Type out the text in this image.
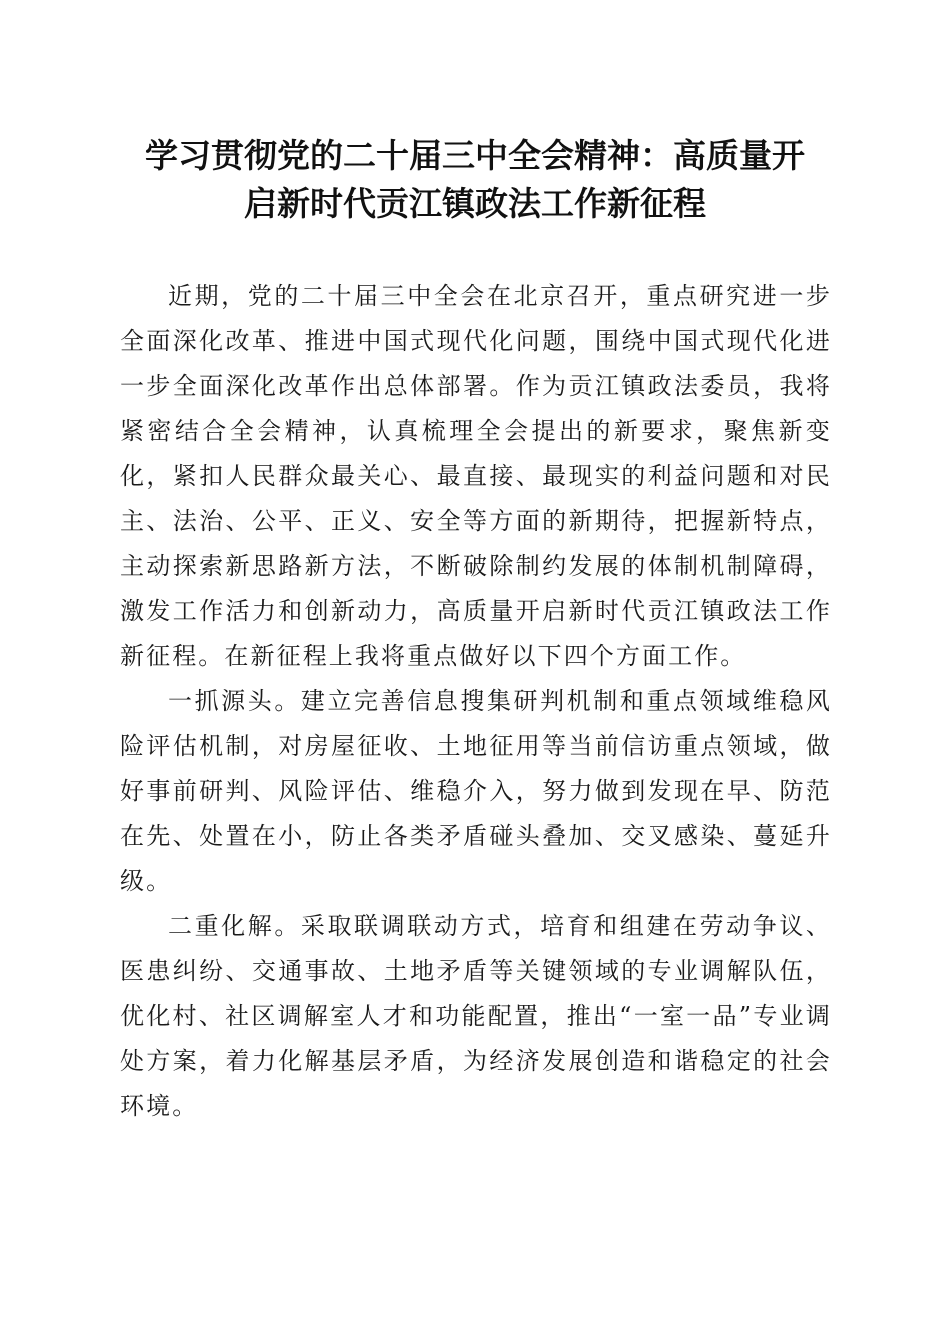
学习贯彻党的二十届三中全会精神：高质量开
启新时代贡江镇政法工作新征程

近期，党的二十届三中全会在北京召开，重点研究进一步全面深化改革、推进中国式现代化问题，围绕中国式现代化进一步全面深化改革作出总体部署。作为贡江镇政法委员，我将紧密结合全会精神，认真梳理全会提出的新要求，聚焦新变化，紧扣人民群众最关心、最直接、最现实的利益问题和对民主、法治、公平、正义、安全等方面的新期待，把握新特点，主动探索新思路新方法，不断破除制约发展的体制机制障碍，激发工作活力和创新动力，高质量开启新时代贡江镇政法工作新征程。在新征程上我将重点做好以下四个方面工作。

一抓源头。建立完善信息搜集研判机制和重点领域维稳风险评估机制，对房屋征收、土地征用等当前信访重点领域，做好事前研判、风险评估、维稳介入，努力做到发现在早、防范在先、处置在小，防止各类矛盾碰头叠加、交叉感染、蔓延升级。

二重化解。采取联调联动方式，培育和组建在劳动争议、医患纠纷、交通事故、土地矛盾等关键领域的专业调解队伍，优化村、社区调解室人才和功能配置，推出“一室一品”专业调处方案，着力化解基层矛盾，为经济发展创造和谐稳定的社会环境。
